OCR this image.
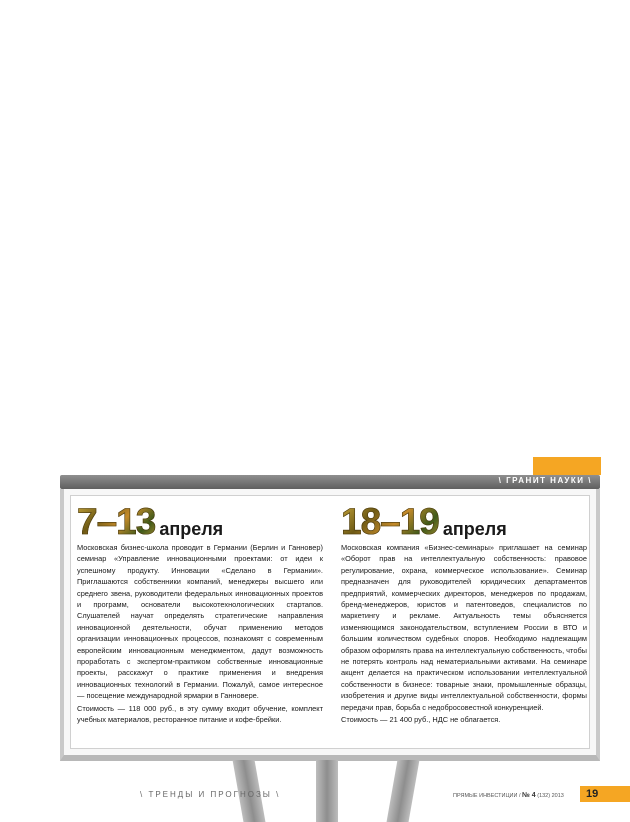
\ ГРАНИТ НАУКИ \
7–13 апреля

Московская бизнес-школа проводит в Германии (Берлин и Ганновер) семинар «Управление инновационными проектами: от идеи к успешному продукту. Инновации «Сделано в Германии». Приглашаются собственники компаний, менеджеры высшего или среднего звена, руководители федеральных инновационных проектов и программ, основатели высокотехнологических стартапов. Слушателей научат определять стратегические направления инновационной деятельности, обучат применению методов организации инновационных процессов, познакомят с современным европейским инновационным менеджментом, дадут возможность проработать с экспертом-практиком собственные инновационные проекты, расскажут о практике применения и внедрения инновационных технологий в Германии. Пожалуй, самое интересное — посещение международной ярмарки в Ганновере.

Стоимость — 118 000 руб., в эту сумму входит обучение, комплект учебных материалов, ресторанное питание и кофе-брейки.

18–19 апреля

Московская компания «Бизнес-семинары» приглашает на семинар «Оборот прав на интеллектуальную собственность: правовое регулирование, охрана, коммерческое использование». Семинар предназначен для руководителей юридических департаментов предприятий, коммерческих директоров, менеджеров по продажам, бренд-менеджеров, юристов и патентоведов, специалистов по маркетингу и рекламе. Актуальность темы объясняется изменяющимся законодательством, вступлением России в ВТО и большим количеством судебных споров. Необходимо надлежащим образом оформлять права на интеллектуальную собственность, чтобы не потерять контроль над нематериальными активами. На семинаре акцент делается на практическом использовании интеллектуальной собственности в бизнесе: товарные знаки, промышленные образцы, изобретения и другие виды интеллектуальной собственности, формы передачи прав, борьба с недобросовестной конкуренцией.

Стоимость — 21 400 руб., НДС не облагается.

\ ТРЕНДЫ И ПРОГНОЗЫ \	ПРЯМЫЕ ИНВЕСТИЦИИ / № 4 (132) 2013	19
